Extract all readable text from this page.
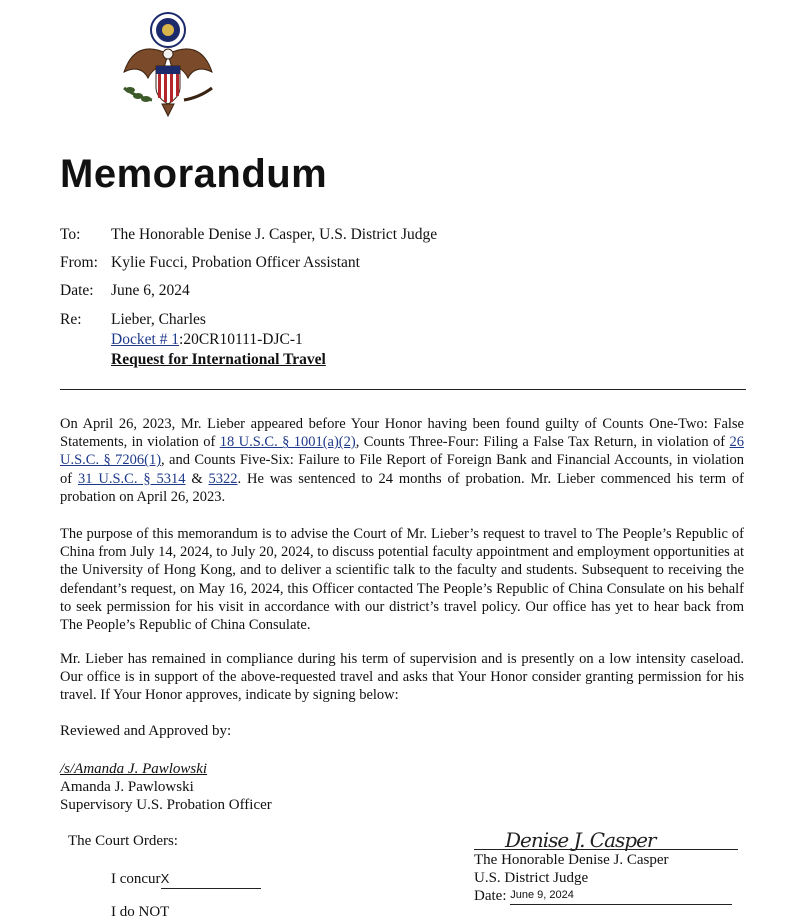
Memorandum
To: The Honorable Denise J. Casper, U.S. District Judge
From: Kylie Fucci, Probation Officer Assistant
Date: June 6, 2024
Re: Lieber, Charles
Docket # 1:20CR10111-DJC-1
Request for International Travel

On April 26, 2023, Mr. Lieber appeared before Your Honor having been found guilty of Counts One-Two: False Statements, in violation of 18 U.S.C. § 1001(a)(2), Counts Three-Four: Filing a False Tax Return, in violation of 26 U.S.C. § 7206(1), and Counts Five-Six: Failure to File Report of Foreign Bank and Financial Accounts, in violation of 31 U.S.C. § 5314 & 5322. He was sentenced to 24 months of probation. Mr. Lieber commenced his term of probation on April 26, 2023.

The purpose of this memorandum is to advise the Court of Mr. Lieber’s request to travel to The People’s Republic of China from July 14, 2024, to July 20, 2024, to discuss potential faculty appointment and employment opportunities at the University of Hong Kong, and to deliver a scientific talk to the faculty and students. Subsequent to receiving the defendant’s request, on May 16, 2024, this Officer contacted The People’s Republic of China Consulate on his behalf to seek permission for his visit in accordance with our district’s travel policy. Our office has yet to hear back from The People’s Republic of China Consulate.

Mr. Lieber has remained in compliance during his term of supervision and is presently on a low intensity caseload. Our office is in support of the above-requested travel and asks that Your Honor consider granting permission for his travel. If Your Honor approves, indicate by signing below:

Reviewed and Approved by:
/s/Amanda J. Pawlowski
Amanda J. Pawlowski
Supervisory U.S. Probation Officer
The Court Orders:
I concurX
I do NOT
Denise J. Casper
The Honorable Denise J. Casper
U.S. District Judge
Date: June 9, 2024
